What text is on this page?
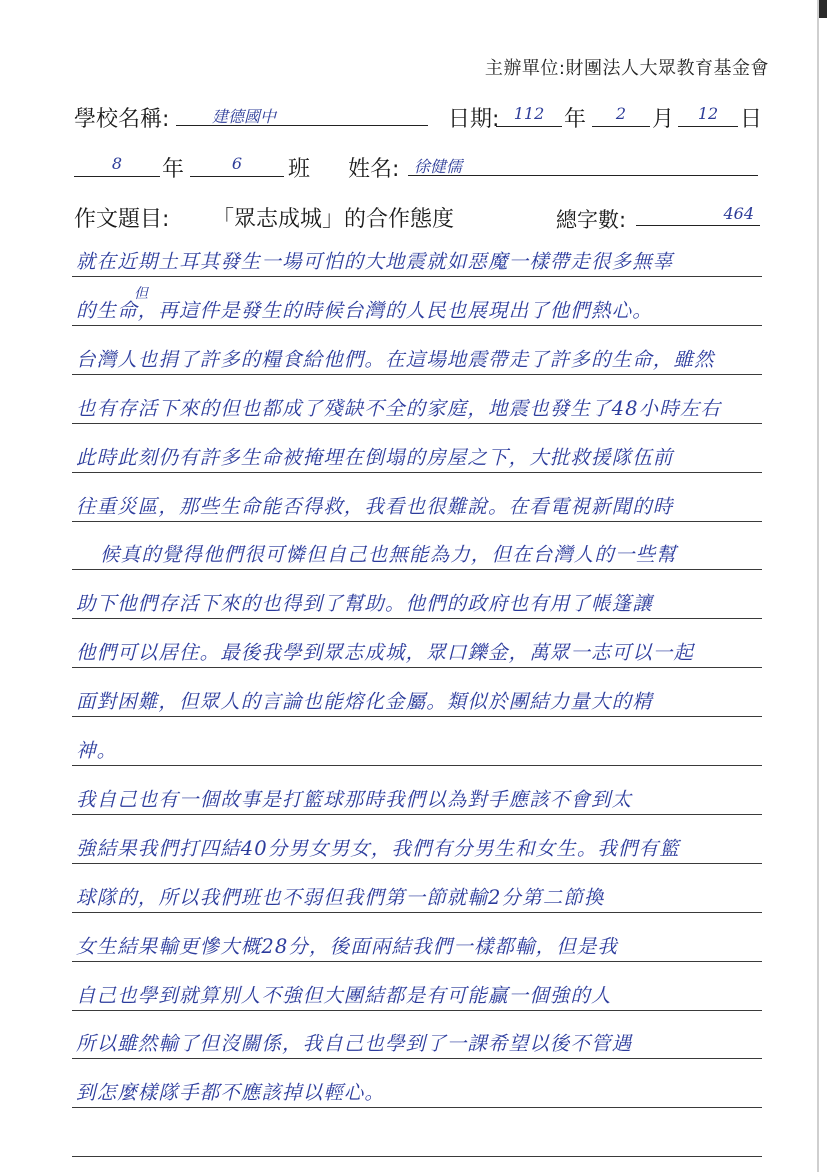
主辦單位:財團法人大眾教育基金會
學校名稱:	建德國中	日期: 112 年	2	月	12 日
8	年	6	班 姓名: 徐健儒
作文題目: 「眾志成城」的合作態度	總字數:	464
就在近期土耳其發生一場可怕的大地震就如惡魔一樣帶走很多無辜
的生命，再這件是發生的時候台灣的人民也展現出了他們熱心。
台灣人也捐了許多的糧食給他們。在這場地震帶走了許多的生命，雖然
也有存活下來的但也都成了殘缺不全的家庭，地震也發生了48小時左右
此時此刻仍有許多生命被掩埋在倒塌的房屋之下，大批救援隊伍前
往重災區，那些生命能否得救，我看也很難說。在看電視新聞的時
候真的覺得他們很可憐但自己也無能為力，但在台灣人的一些幫
助下他們存活下來的也得到了幫助。他們的政府也有用了帳篷讓
他們可以居住。最後我學到眾志成城，眾口鑠金，萬眾一志可以一起
面對困難，但眾人的言論也能熔化金屬。類似於團結力量大的精
神。
我自己也有一個故事是打籃球那時我們以為對手應該不會到太
強結果我們打四結40分男女男女，我們有分男生和女生。我們有籃
球隊的，所以我們班也不弱但我們第一節就輸2分第二節換
女生結果輸更慘大概28分，後面兩結我們一樣都輸，但是我
自己也學到就算別人不強但大團結都是有可能贏一個強的人
所以雖然輸了但沒關係，我自己也學到了一課希望以後不管遇
到怎麼樣隊手都不應該掉以輕心。
但
